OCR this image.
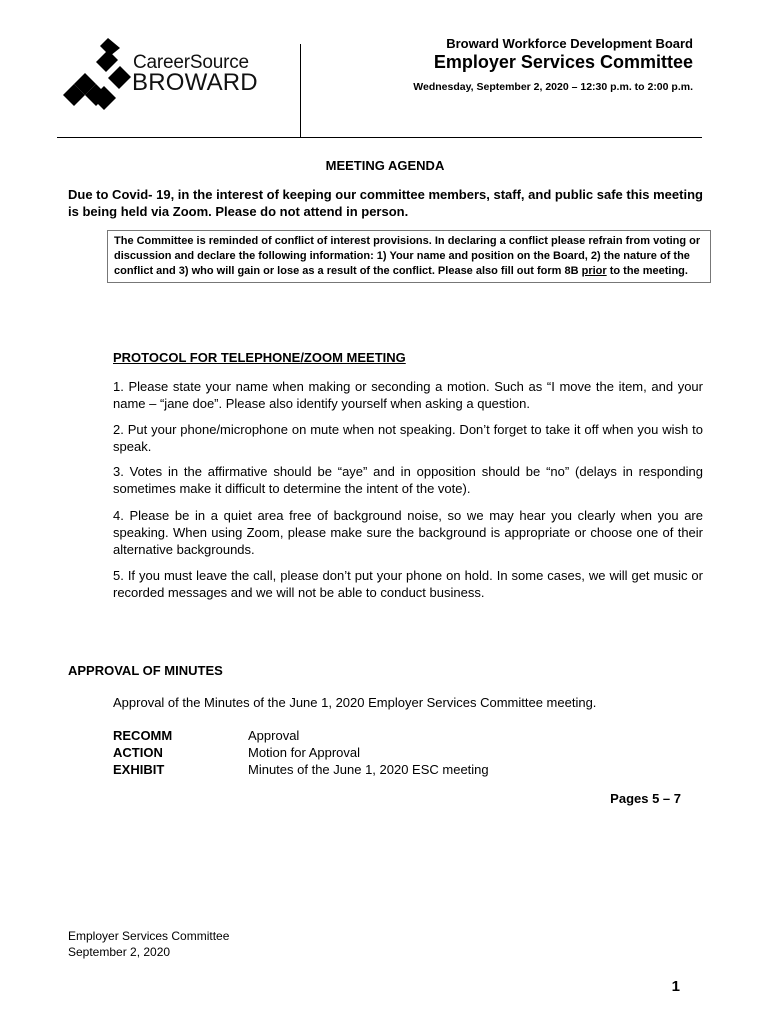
CareerSource
BROWARD
Broward Workforce Development Board
Employer Services Committee
Wednesday, September 2, 2020 – 12:30 p.m. to 2:00 p.m.
MEETING AGENDA
Due to Covid- 19, in the interest of keeping our committee members, staff, and public safe this meeting is being held via Zoom. Please do not attend in person.
The Committee is reminded of conflict of interest provisions. In declaring a conflict please refrain from voting or discussion and declare the following information: 1) Your name and position on the Board, 2) the nature of the conflict and 3) who will gain or lose as a result of the conflict. Please also fill out form 8B prior to the meeting.
PROTOCOL FOR TELEPHONE/ZOOM MEETING
1. Please state your name when making or seconding a motion. Such as “I move the item, and your name – “jane doe”. Please also identify yourself when asking a question.
2. Put your phone/microphone on mute when not speaking. Don’t forget to take it off when you wish to speak.
3. Votes in the affirmative should be “aye” and in opposition should be “no” (delays in responding sometimes make it difficult to determine the intent of the vote).
4. Please be in a quiet area free of background noise, so we may hear you clearly when you are speaking. When using Zoom, please make sure the background is appropriate or choose one of their alternative backgrounds.
5. If you must leave the call, please don’t put your phone on hold. In some cases, we will get music or recorded messages and we will not be able to conduct business.
APPROVAL OF MINUTES
Approval of the Minutes of the June 1, 2020 Employer Services Committee meeting.
RECOMM	Approval
ACTION	Motion for Approval
EXHIBIT	Minutes of the June 1, 2020 ESC meeting
Pages 5 – 7
Employer Services Committee
September 2, 2020
1
